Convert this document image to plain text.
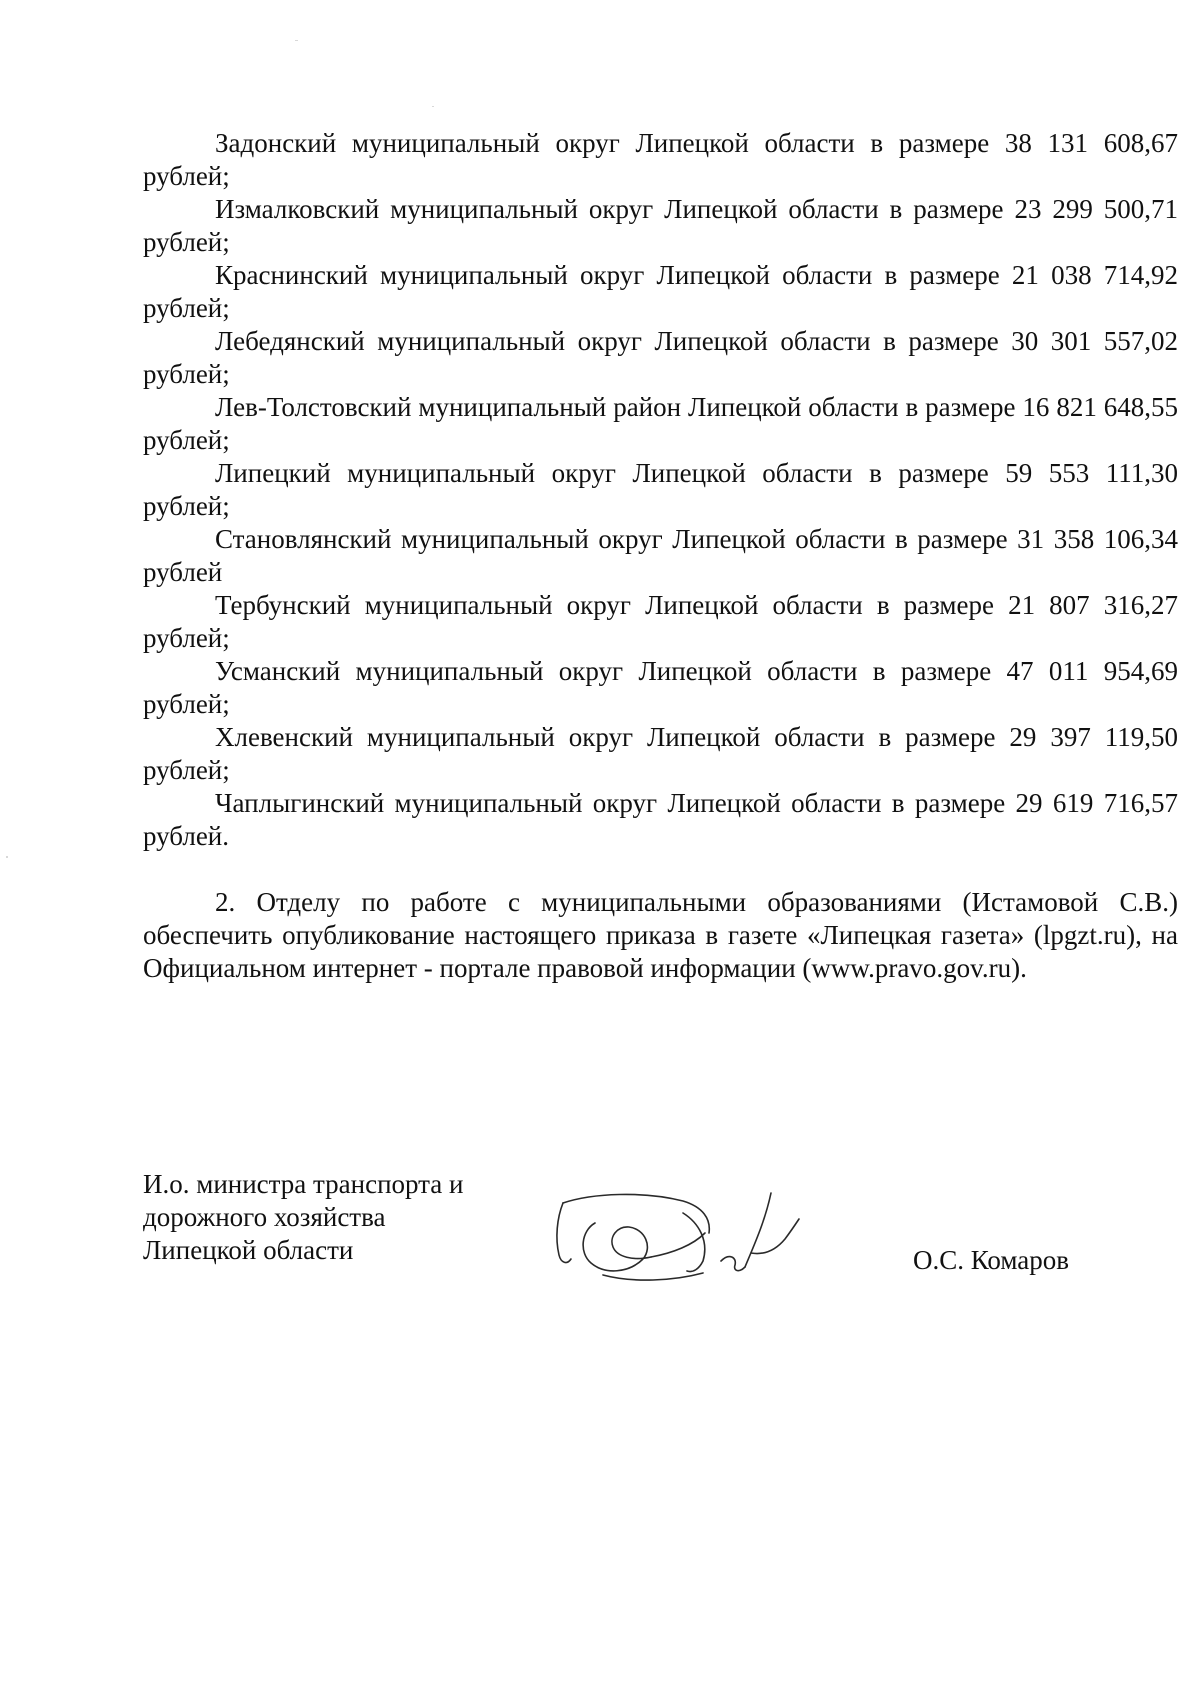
Задонский муниципальный округ Липецкой области в размере 38 131 608,67 рублей;

Измалковский муниципальный округ Липецкой области в размере 23 299 500,71 рублей;

Краснинский муниципальный округ Липецкой области в размере 21 038 714,92 рублей;

Лебедянский муниципальный округ Липецкой области в размере 30 301 557,02 рублей;

Лев-Толстовский муниципальный район Липецкой области в размере 16 821 648,55 рублей;

Липецкий муниципальный округ Липецкой области в размере 59 553 111,30 рублей;

Становлянский муниципальный округ Липецкой области в размере 31 358 106,34 рублей

Тербунский муниципальный округ Липецкой области в размере 21 807 316,27 рублей;

Усманский муниципальный округ Липецкой области в размере 47 011 954,69 рублей;

Хлевенский муниципальный округ Липецкой области в размере 29 397 119,50 рублей;

Чаплыгинский муниципальный округ Липецкой области в размере 29 619 716,57 рублей.

2. Отделу по работе с муниципальными образованиями (Истамовой С.В.) обеспечить опубликование настоящего приказа в газете «Липецкая газета» (lpgzt.ru), на Официальном интернет - портале правовой информации (www.pravo.gov.ru).

И.о. министра транспорта и
дорожного хозяйства
Липецкой области	О.С. Комаров
